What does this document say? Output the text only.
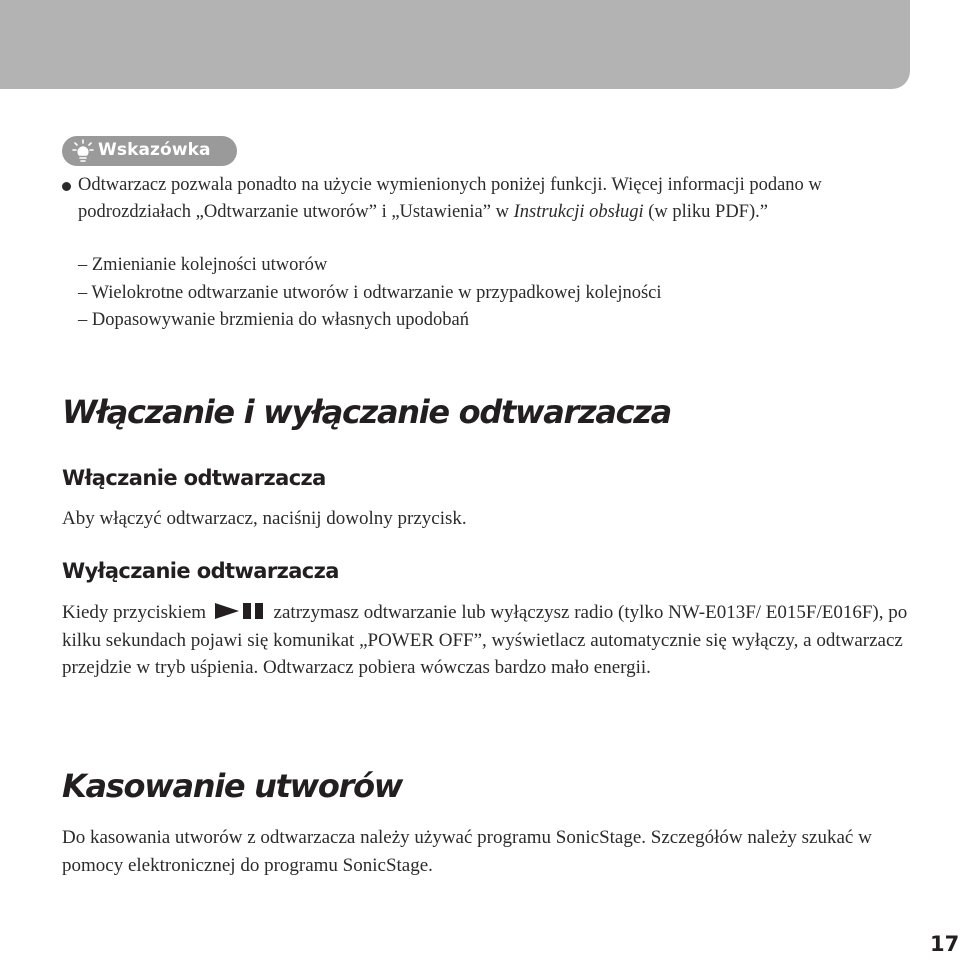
Wskazówka
Odtwarzacz pozwala ponadto na użycie wymienionych poniżej funkcji. Więcej informacji podano w podrozdziałach „Odtwarzanie utworów” i „Ustawienia” w Instrukcji obsługi (w pliku PDF).”
– Zmienianie kolejności utworów
– Wielokrotne odtwarzanie utworów i odtwarzanie w przypadkowej kolejności
– Dopasowywanie brzmienia do własnych upodobań
Włączanie i wyłączanie odtwarzacza
Włączanie odtwarzacza
Aby włączyć odtwarzacz, naciśnij dowolny przycisk.
Wyłączanie odtwarzacza
Kiedy przyciskiem	zatrzymasz odtwarzanie lub wyłączysz radio (tylko NW-E013F/ E015F/E016F), po kilku sekundach pojawi się komunikat „POWER OFF”, wyświetlacz automatycznie się wyłączy, a odtwarzacz przejdzie w tryb uśpienia. Odtwarzacz pobiera wówczas bardzo mało energii.
Kasowanie utworów
Do kasowania utworów z odtwarzacza należy używać programu SonicStage. Szczegółów należy szukać w pomocy elektronicznej do programu SonicStage.
17
